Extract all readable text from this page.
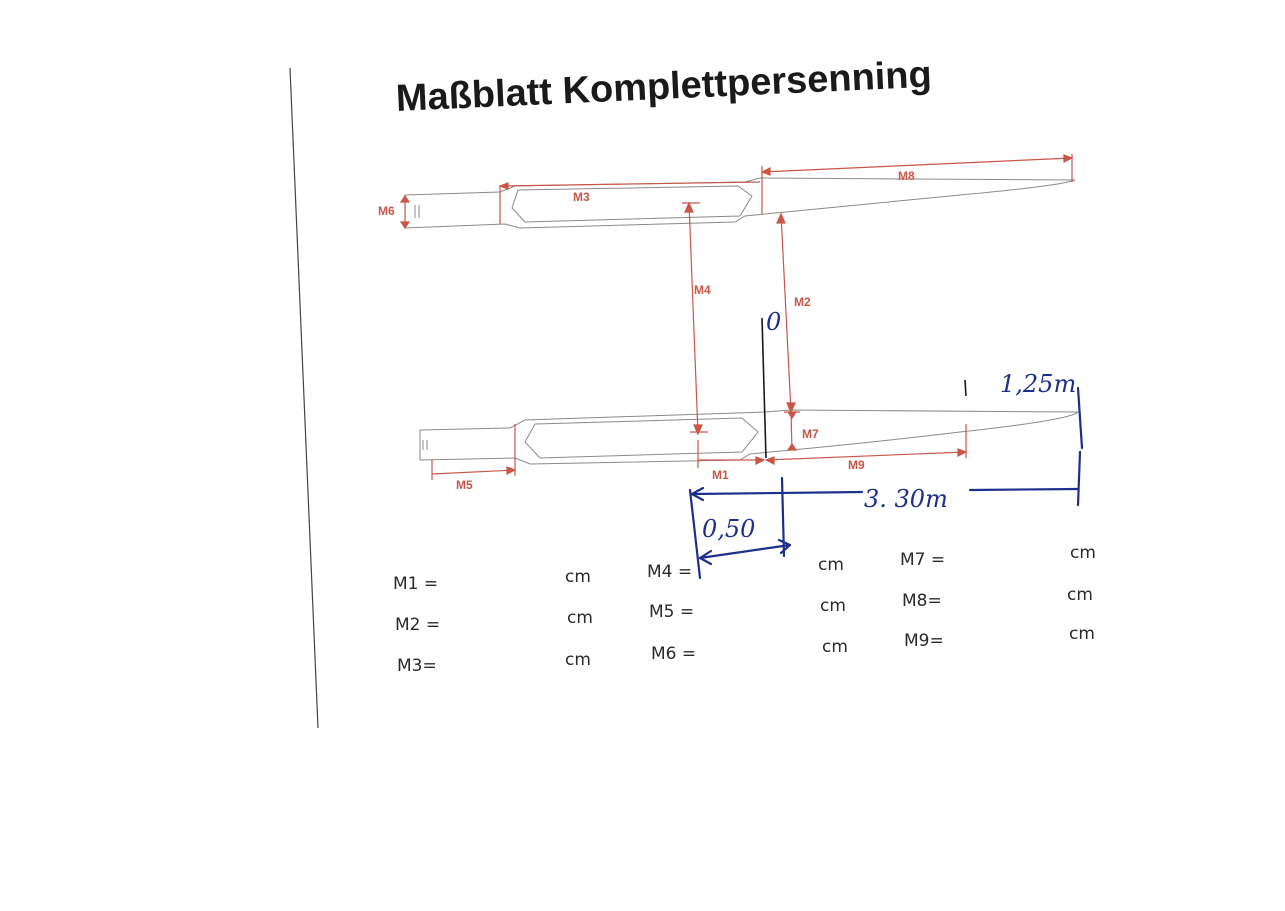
Maßblatt Komplettpersenning
M6
M3
M8
M4
M2
M7
M5
M1
M9
0
1,25m
3. 30m
0,50
M1 =	cm
M2 =	cm
M3=	cm
M4 =	cm
M5 =	cm
M6 =	cm
M7 =	cm
M8=	cm
M9=	cm
